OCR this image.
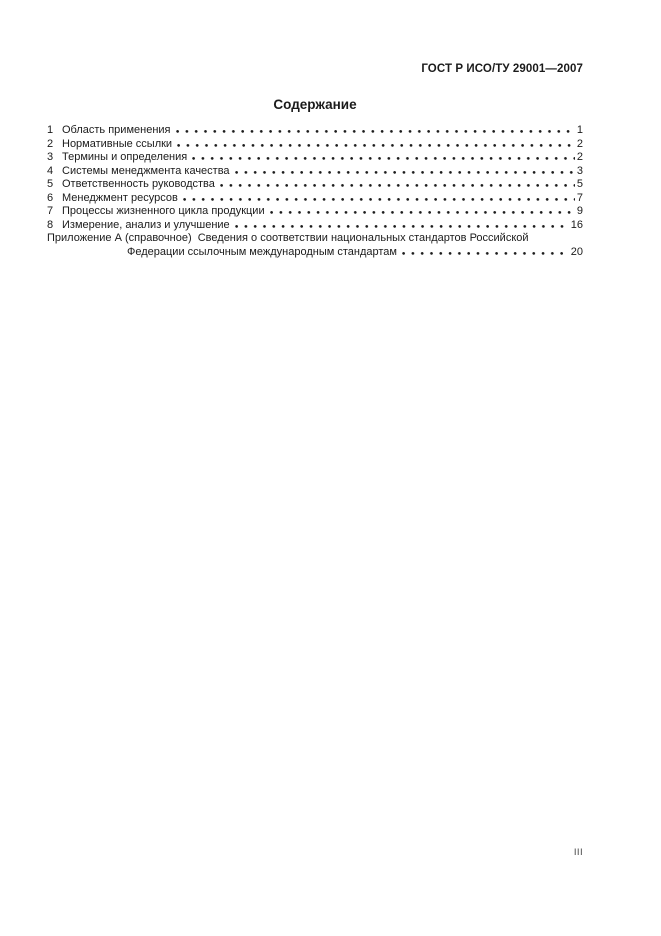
ГОСТ Р ИСО/ТУ 29001—2007
Содержание
1 Область применения	1
2 Нормативные ссылки	2
3 Термины и определения	2
4 Системы менеджмента качества	3
5 Ответственность руководства	5
6 Менеджмент ресурсов	7
7 Процессы жизненного цикла продукции	9
8 Измерение, анализ и улучшение	16
Приложение А (справочное)  Сведения о соответствии национальных стандартов Российской
Федерации ссылочным международным стандартам	20
III
